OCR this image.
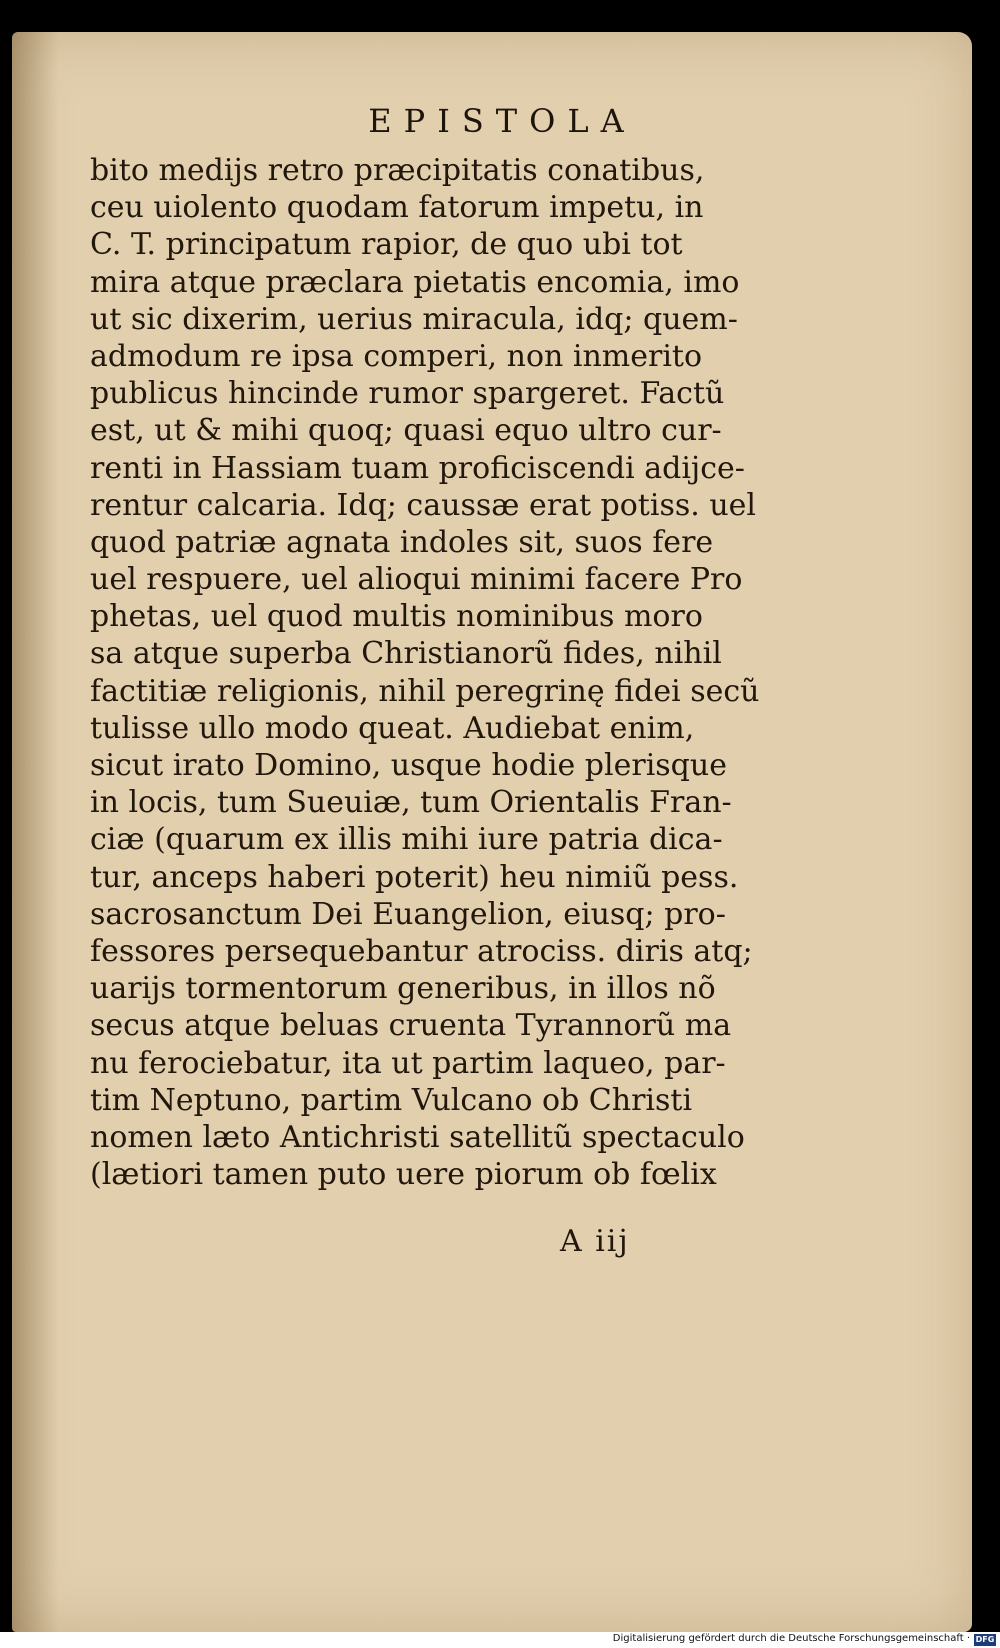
EPISTOLA
bito medijs retro præcipitatis conatibus,
ceu uiolento quodam fatorum impetu, in
C. T. principatum rapior, de quo ubi tot
mira atque præclara pietatis encomia, imo
ut sic dixerim, uerius miracula, idq; quem-
admodum re ipsa comperi, non inmerito
publicus hincinde rumor spargeret. Factũ
est, ut & mihi quoq; quasi equo ultro cur-
renti in Hassiam tuam proficiscendi adijce-
rentur calcaria. Idq; caussæ erat potiss. uel
quod patriæ agnata indoles sit, suos fere
uel respuere, uel alioqui minimi facere Pro
phetas, uel quod multis nominibus moro
sa atque superba Christianorũ fides, nihil
factitiæ religionis, nihil peregrinę fidei secũ
tulisse ullo modo queat. Audiebat enim,
sicut irato Domino, usque hodie plerisque
in locis, tum Sueuiæ, tum Orientalis Fran-
ciæ (quarum ex illis mihi iure patria dica-
tur, anceps haberi poterit) heu nimiũ pess.
sacrosanctum Dei Euangelion, eiusq; pro-
fessores persequebantur atrociss. diris atq;
uarijs tormentorum generibus, in illos nõ
secus atque beluas cruenta Tyrannorũ ma
nu ferociebatur, ita ut partim laqueo, par-
tim Neptuno, partim Vulcano ob Christi
nomen læto Antichristi satellitũ spectaculo
(lætiori tamen puto uere piorum ob fœlix
A iij
Digitalisierung gefördert durch die Deutsche Forschungsgemeinschaft · DFG
